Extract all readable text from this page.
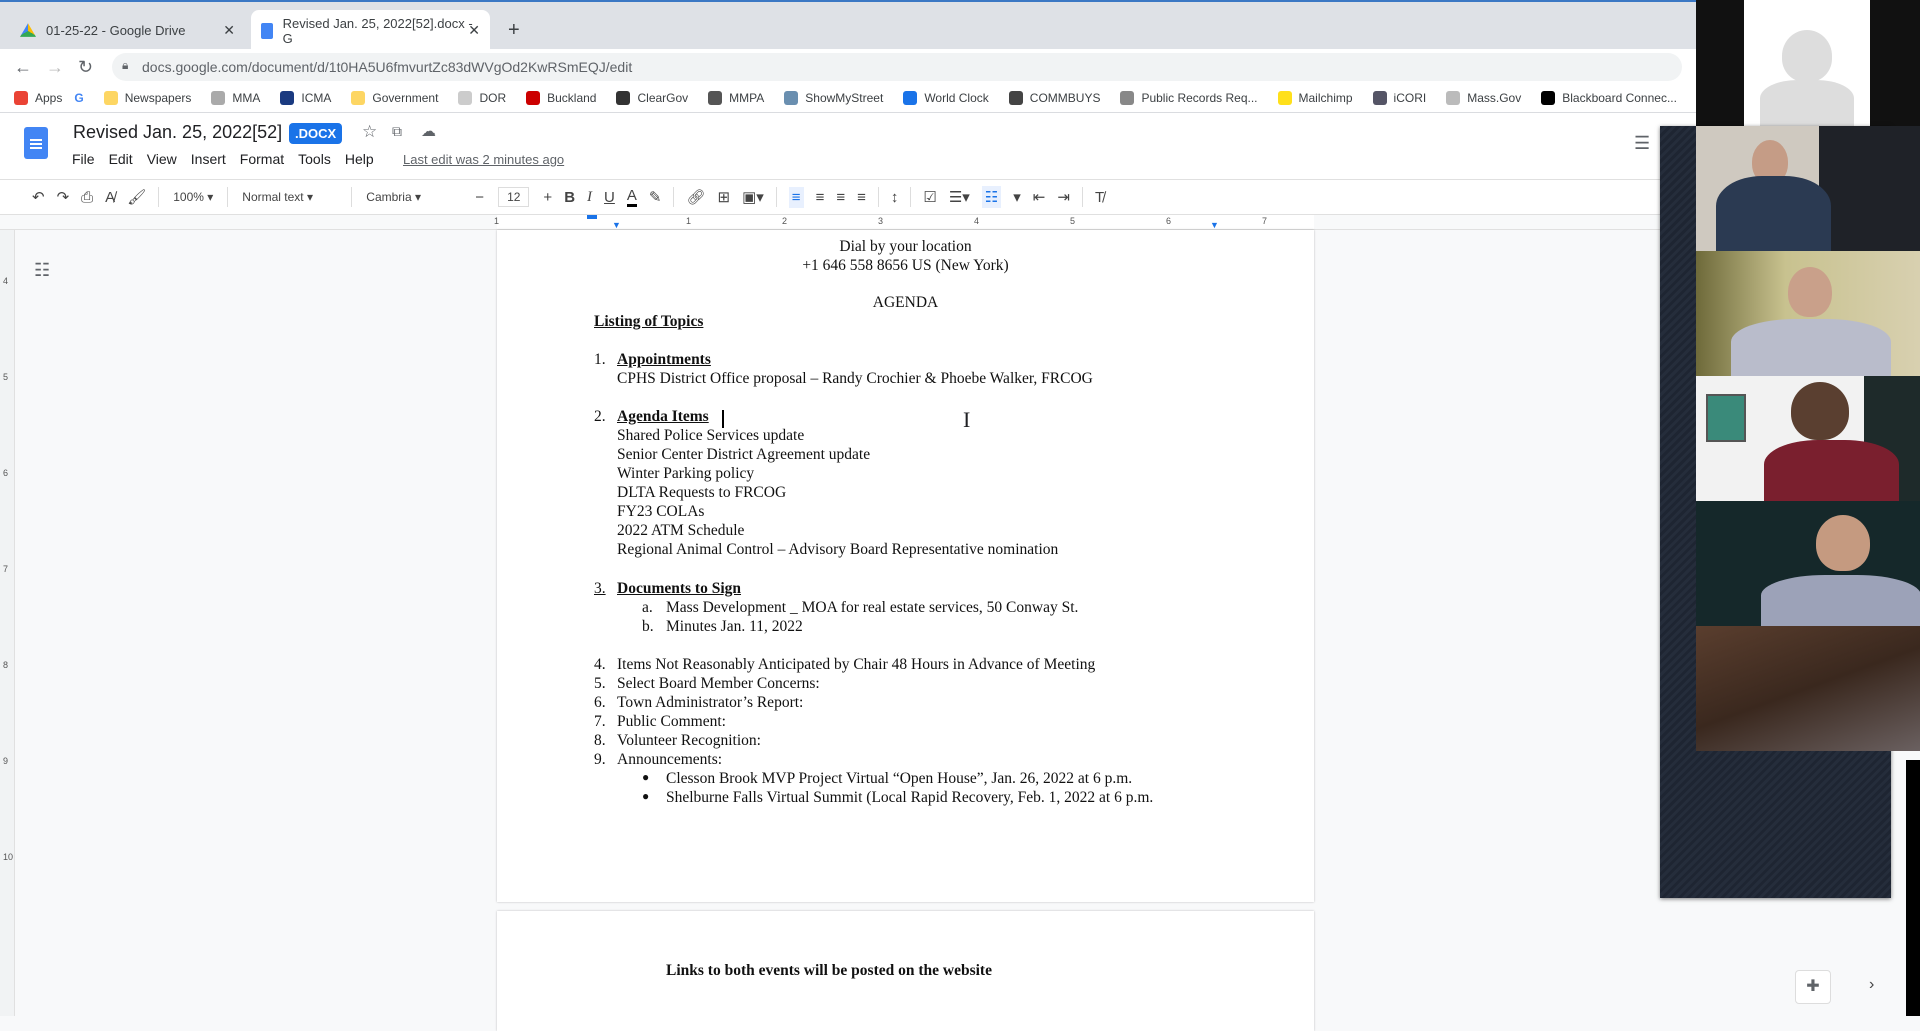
01-25-22 - Google Drive	✕	Revised Jan. 25, 2022[52].docx - G	✕	+
← → ↻ 🔒︎ docs.google.com/document/d/1t0HA5U6fmvurtZc83dWVgOd2KwRSmEQJ/edit
Apps G	Newspapers	MMA	ICMA	Government	DOR	Buckland	ClearGov	MMPA	ShowMyStreet	World Clock	COMMBUYS	Public Records Req...	Mailchimp	iCORI	Mass.Gov	Blackboard Connec...
Revised Jan. 25, 2022[52] .DOCX	☆ ⧉ ☁
File Edit View Insert Format Tools Help Last edit was 2 minutes ago
☰
↶ ↷ ⎙ A̸ 🖌︎ 100% ▾ Normal text ▾	Cambria ▾	−	12	+ B I U A ✎ 🔗︎ ⊞ ▣▾ ≡ ≡ ≡ ≡ ↕ ☑ ☰▾ ☷ ▾ ⇤ ⇥ T̸
▼	▼
1	1	2	3	4	5	6	7
4
5
6
7
8
9
10
☷
Dial by your location
+1 646 558 8656 US (New York)
AGENDA
Listing of Topics
1. Appointments
CPHS District Office proposal – Randy Crochier & Phoebe Walker, FRCOG
2. Agenda Items
Shared Police Services update
Senior Center District Agreement update
Winter Parking policy
DLTA Requests to FRCOG
FY23 COLAs
2022 ATM Schedule
Regional Animal Control – Advisory Board Representative nomination
3. Documents to Sign
a. Mass Development _ MOA for real estate services, 50 Conway St.
b. Minutes Jan. 11, 2022
4. Items Not Reasonably Anticipated by Chair 48 Hours in Advance of Meeting
5. Select Board Member Concerns:
6. Town Administrator’s Report:
7. Public Comment:
8. Volunteer Recognition:
9. Announcements:
● Clesson Brook MVP Project Virtual “Open House”, Jan. 26, 2022 at 6 p.m.
● Shelburne Falls Virtual Summit (Local Rapid Recovery, Feb. 1, 2022 at 6 p.m.
Links to both events will be posted on the website
I
✚	›
